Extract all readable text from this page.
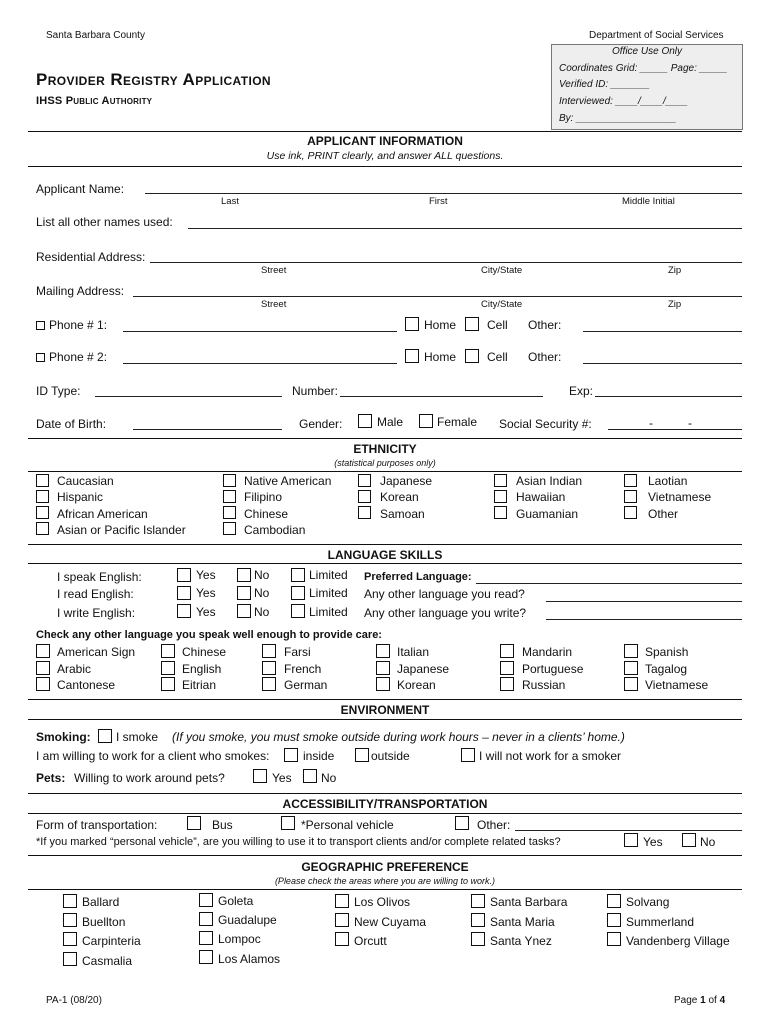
Santa Barbara County	Department of Social Services
Office Use Only
Coordinates Grid: _____ Page: _____
Verified ID: _______
Interviewed: ____/____/____
By: __________________
Provider Registry Application
IHSS Public Authority
APPLICANT INFORMATION
Use ink, PRINT clearly, and answer ALL questions.
Applicant Name:
Last	First	Middle Initial
List all other names used:
Residential Address:
Street	City/State	Zip
Mailing Address:
Street	City/State	Zip
Phone # 1:	Home	Cell Other:
Phone # 2:	Home	Cell Other:
ID Type:	Number:	Exp:
Date of Birth:	Gender:	Male	Female Social Security #:	-	-
ETHNICITY
(statistical purposes only)
Caucasian
Hispanic
African American
Asian or Pacific Islander
Native American
Filipino
Chinese
Cambodian
Japanese
Korean
Samoan
Asian Indian
Hawaiian
Guamanian
Laotian
Vietnamese
Other
LANGUAGE SKILLS
I speak English:
I read English:
I write English:
Yes	No	Limited
Yes	No	Limited
Yes	No	Limited
Preferred Language:
Any other language you read?
Any other language you write?
Check any other language you speak well enough to provide care:
American Sign
Arabic
Cantonese
Chinese
English
Eitrian
Farsi
French
German
Italian
Japanese
Korean
Mandarin
Portuguese
Russian
Spanish
Tagalog
Vietnamese
ENVIRONMENT
Smoking: I smoke (If you smoke, you must smoke outside during work hours – never in a clients’ home.)
I am willing to work for a client who smokes:	inside	outside	I will not work for a smoker
Pets: Willing to work around pets?	Yes No
ACCESSIBILITY/TRANSPORTATION
Form of transportation:	Bus	*Personal vehicle	Other:
*If you marked “personal vehicle”, are you willing to use it to transport clients and/or complete related tasks?	Yes	No
GEOGRAPHIC PREFERENCE
(Please check the areas where you are willing to work.)
Ballard
Buellton
Carpinteria
Casmalia
Goleta
Guadalupe
Lompoc
Los Alamos
Los Olivos
New Cuyama
Orcutt
Santa Barbara
Santa Maria
Santa Ynez
Solvang
Summerland
Vandenberg Village
PA-1 (08/20)	Page 1 of 4
